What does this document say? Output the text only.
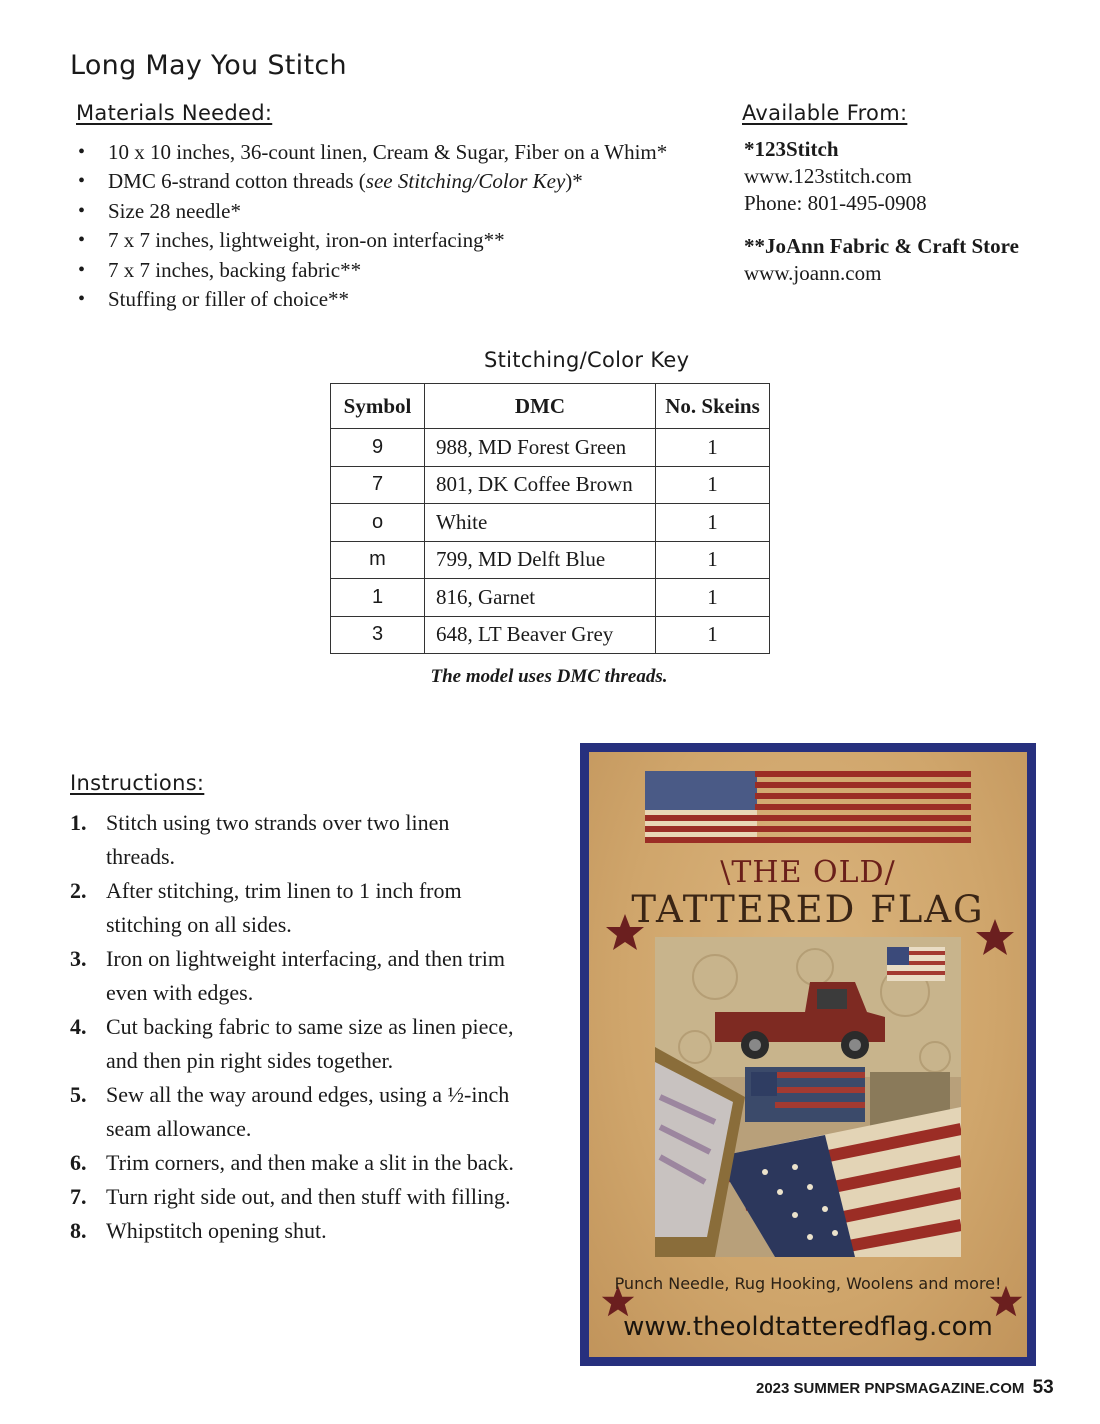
Long May You Stitch
Materials Needed:
• 10 x 10 inches, 36-count linen, Cream & Sugar, Fiber on a Whim*
• DMC 6-strand cotton threads (see Stitching/Color Key)*
• Size 28 needle*
• 7 x 7 inches, lightweight, iron-on interfacing**
• 7 x 7 inches, backing fabric**
• Stuffing or filler of choice**
Available From:
*123Stitch
www.123stitch.com
Phone: 801-495-0908
**JoAnn Fabric & Craft Store
www.joann.com
Stitching/Color Key
Symbol	DMC	No. Skeins
9	988, MD Forest Green	1
7	801, DK Coffee Brown	1
o	White	1
m	799, MD Delft Blue	1
1	816, Garnet	1
3	648, LT Beaver Grey	1
The model uses DMC threads.
Instructions:
1. Stitch using two strands over two linen threads.
2. After stitching, trim linen to 1 inch from stitching on all sides.
3. Iron on lightweight interfacing, and then trim even with edges.
4. Cut backing fabric to same size as linen piece, and then pin right sides together.
5. Sew all the way around edges, using a ½-inch seam allowance.
6. Trim corners, and then make a slit in the back.
7. Turn right side out, and then stuff with filling.
8. Whipstitch opening shut.
\THE OLD/
TATTERED FLAG
Punch Needle, Rug Hooking, Woolens and more!
www.theoldtatteredflag.com
2023 SUMMER PNPSMAGAZINE.COM 53
